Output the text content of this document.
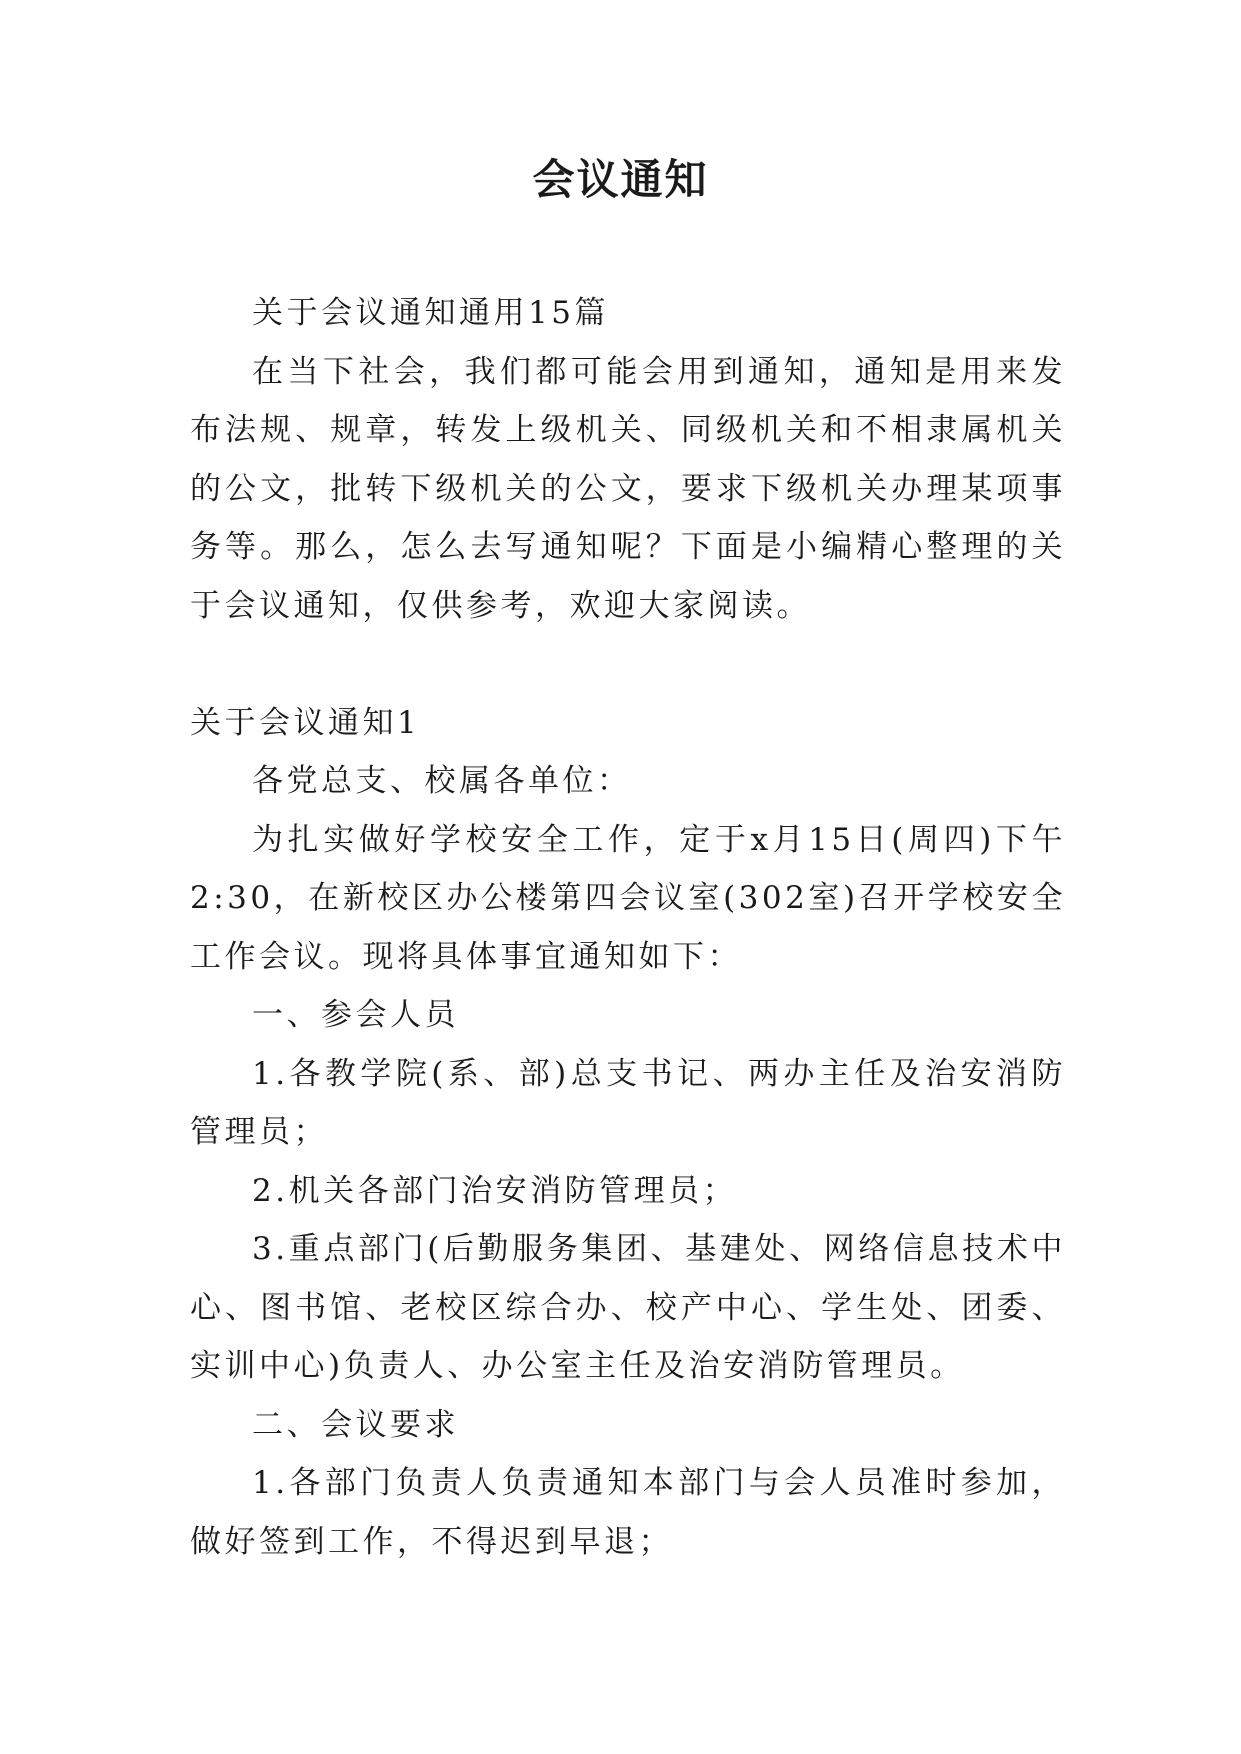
会议通知

关于会议通知通用15篇

在当下社会，我们都可能会用到通知，通知是用来发布法规、规章，转发上级机关、同级机关和不相隶属机关的公文，批转下级机关的公文，要求下级机关办理某项事务等。那么，怎么去写通知呢？下面是小编精心整理的关于会议通知，仅供参考，欢迎大家阅读。

关于会议通知1

各党总支、校属各单位：

为扎实做好学校安全工作，定于x月15日(周四)下午2:30，在新校区办公楼第四会议室(302室)召开学校安全工作会议。现将具体事宜通知如下：

一、参会人员

1.各教学院(系、部)总支书记、两办主任及治安消防管理员；

2.机关各部门治安消防管理员；

3.重点部门(后勤服务集团、基建处、网络信息技术中心、图书馆、老校区综合办、校产中心、学生处、团委、实训中心)负责人、办公室主任及治安消防管理员。

二、会议要求

1.各部门负责人负责通知本部门与会人员准时参加，做好签到工作，不得迟到早退；
